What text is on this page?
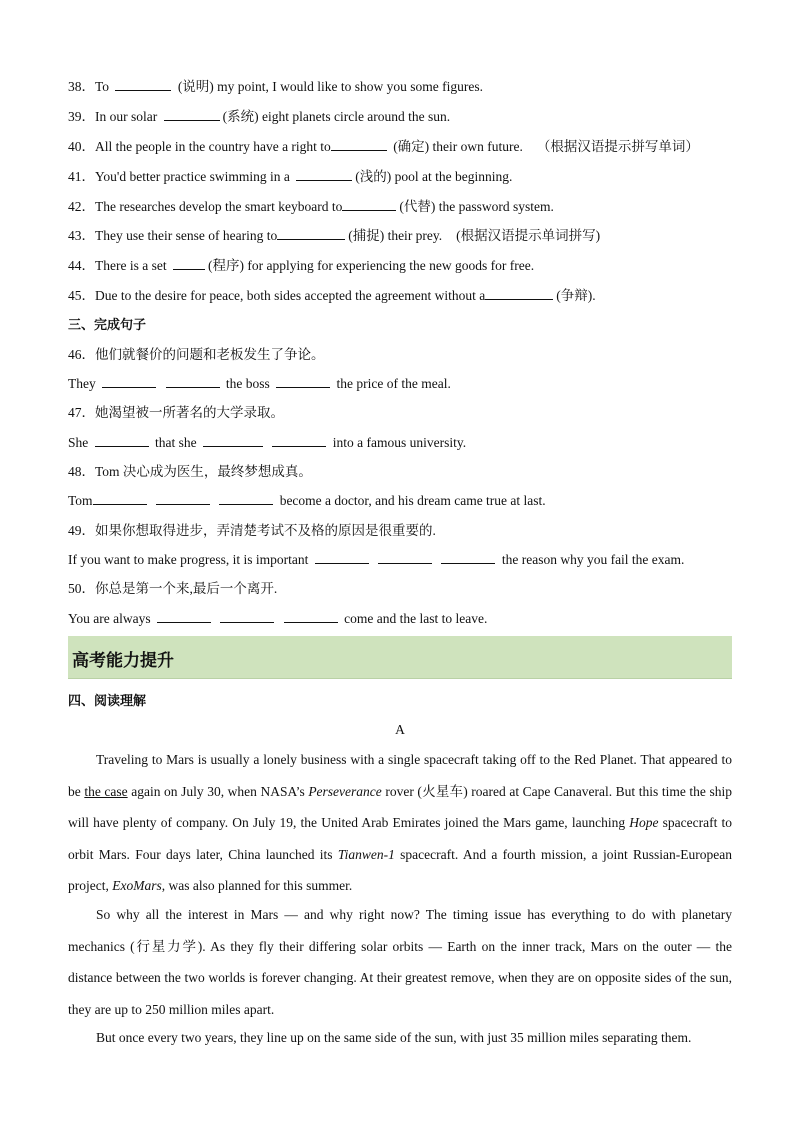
38．To	(说明) my point, I would like to show you some figures.
39．In our solar	(系统) eight planets circle around the sun.
40．All the people in the country have a right to	(确定) their own future. （根据汉语提示拼写单词）
41．You'd better practice swimming in a	(浅的) pool at the beginning.
42．The researches develop the smart keyboard to	(代替) the password system.
43．They use their sense of hearing to	(捕捉) their prey. (根据汉语提示单词拼写)
44．There is a set	(程序) for applying for experiencing the new goods for free.
45．Due to the desire for peace, both sides accepted the agreement without a	(争辩).
三、完成句子
46．他们就餐价的问题和老板发生了争论。
They	the boss	the price of the meal.
47．她渴望被一所著名的大学录取。
She	that she	into a famous university.
48．Tom 决心成为医生，最终梦想成真。
Tom	become a doctor, and his dream came true at last.
49．如果你想取得进步，弄清楚考试不及格的原因是很重要的.
If you want to make progress, it is important	the reason why you fail the exam.
50．你总是第一个来,最后一个离开.
You are always	come and the last to leave.
高考能力提升
四、阅读理解
A
Traveling to Mars is usually a lonely business with a single spacecraft taking off to the Red Planet. That appeared to be the case again on July 30, when NASA’s Perseverance rover (火星车) roared at Cape Canaveral. But this time the ship will have plenty of company. On July 19, the United Arab Emirates joined the Mars game, launching Hope spacecraft to orbit Mars. Four days later, China launched its Tianwen-1 spacecraft. And a fourth mission, a joint Russian-European project, ExoMars, was also planned for this summer.
So why all the interest in Mars — and why right now? The timing issue has everything to do with planetary mechanics (行星力学). As they fly their differing solar orbits — Earth on the inner track, Mars on the outer — the distance between the two worlds is forever changing. At their greatest remove, when they are on opposite sides of the sun, they are up to 250 million miles apart.
But once every two years, they line up on the same side of the sun, with just 35 million miles separating them.
